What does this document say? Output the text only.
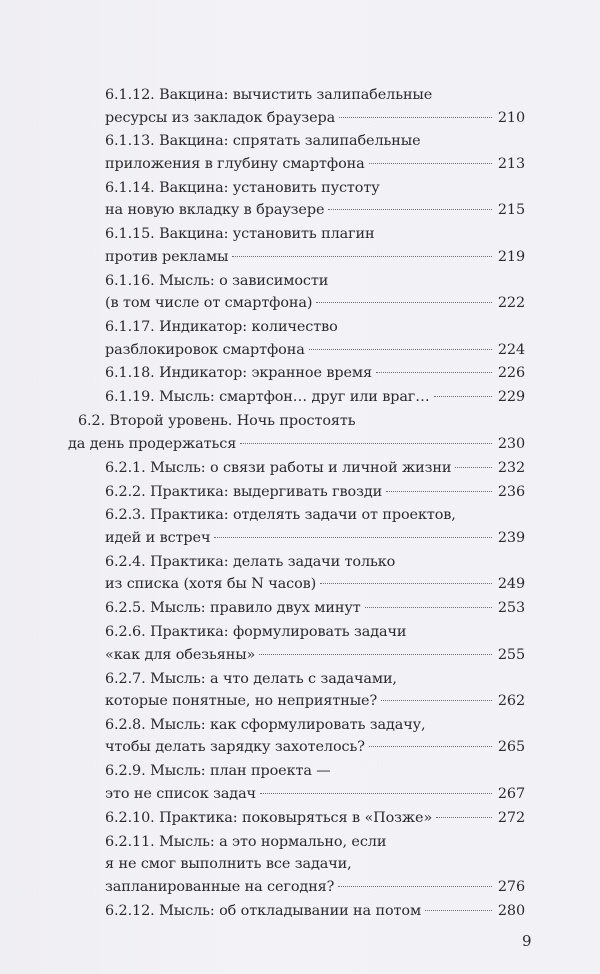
6.1.12. Вакцина: вычистить залипабельные
ресурсы из закладок браузера	210
6.1.13. Вакцина: спрятать залипабельные
приложения в глубину смартфона	213
6.1.14. Вакцина: установить пустоту
на новую вкладку в браузере	215
6.1.15. Вакцина: установить плагин
против рекламы	219
6.1.16. Мысль: о зависимости
(в том числе от смартфона)	222
6.1.17. Индикатор: количество
разблокировок смартфона	224
6.1.18. Индикатор: экранное время	226
6.1.19. Мысль: смартфон… друг или враг…	229
6.2. Второй уровень. Ночь простоять
да день продержаться	230
6.2.1. Мысль: о связи работы и личной жизни	232
6.2.2. Практика: выдергивать гвозди	236
6.2.3. Практика: отделять задачи от проектов,
идей и встреч	239
6.2.4. Практика: делать задачи только
из списка (хотя бы N часов)	249
6.2.5. Мысль: правило двух минут	253
6.2.6. Практика: формулировать задачи
«как для обезьяны»	255
6.2.7. Мысль: а что делать с задачами,
которые понятные, но неприятные?	262
6.2.8. Мысль: как сформулировать задачу,
чтобы делать зарядку захотелось?	265
6.2.9. Мысль: план проекта —
это не список задач	267
6.2.10. Практика: поковыряться в «Позже»	272
6.2.11. Мысль: а это нормально, если
я не смог выполнить все задачи,
запланированные на сегодня?	276
6.2.12. Мысль: об откладывании на потом	280
9
